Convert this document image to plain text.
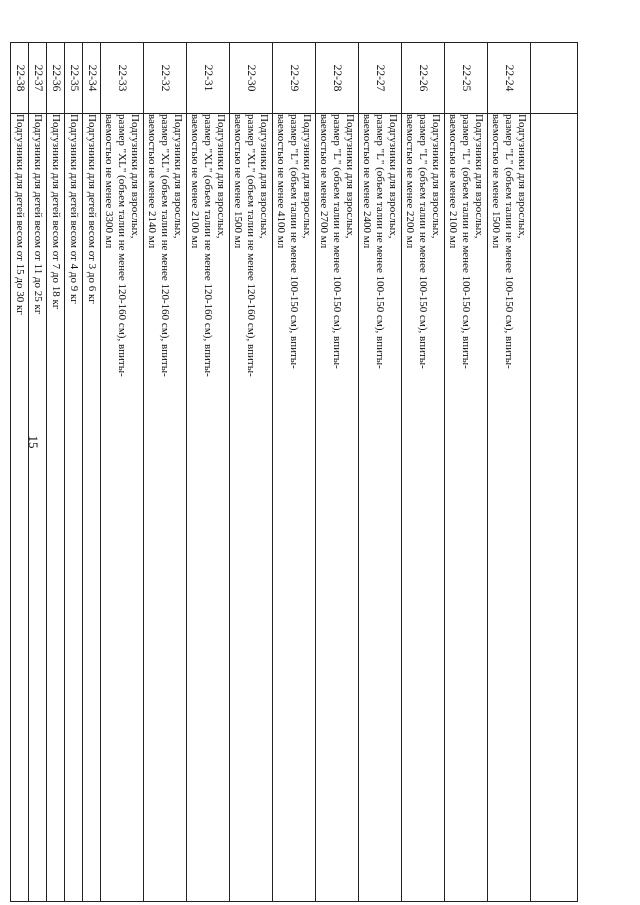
15

22-24	Подгузники для взрослых,
размер "L" (объем талии не менее 100-150 см), впиты-
ваемостью не менее 1500 мл	

22-25	Подгузники для взрослых,
размер "L" (объем талии не менее 100-150 см), впиты-
ваемостью не менее 2100 мл	

22-26	Подгузники для взрослых,
размер "L" (объем талии не менее 100-150 см), впиты-
ваемостью не менее 2200 мл	

22-27	Подгузники для взрослых,
размер "L" (объем талии не менее 100-150 см), впиты-
ваемостью не менее 2400 мл	

22-28	Подгузники для взрослых,
размер "L" (объем талии не менее 100-150 см), впиты-
ваемостью не менее 2700 мл	

22-29	Подгузники для взрослых,
размер "L" (объем талии не менее 100-150 см), впиты-
ваемостью не менее 4100 мл	

22-30	Подгузники для взрослых,
размер "XL" (объем талии не менее 120-160 см), впиты-
ваемостью не менее 1500 мл	

22-31	Подгузники для взрослых,
размер "XL" (объем талии не менее 120-160 см), впиты-
ваемостью не менее 2100 мл	

22-32	Подгузники для взрослых,
размер "XL" (объем талии не менее 120-160 см), впиты-
ваемостью не менее 2140 мл	

22-33	Подгузники для взрослых,
размер "XL" (объем талии не менее 120-160 см), впиты-
ваемостью не менее 3300 мл	

22-34	Подгузники для детей весом от 3 до 6 кг	

22-35	Подгузники для детей весом от 4 до 9 кг	

22-36	Подгузники для детей весом от 7 до 18 кг	

22-37	Подгузники для детей весом от 11 до 25 кг	

22-38	Подгузники для детей весом от 15 до 30 кг	
